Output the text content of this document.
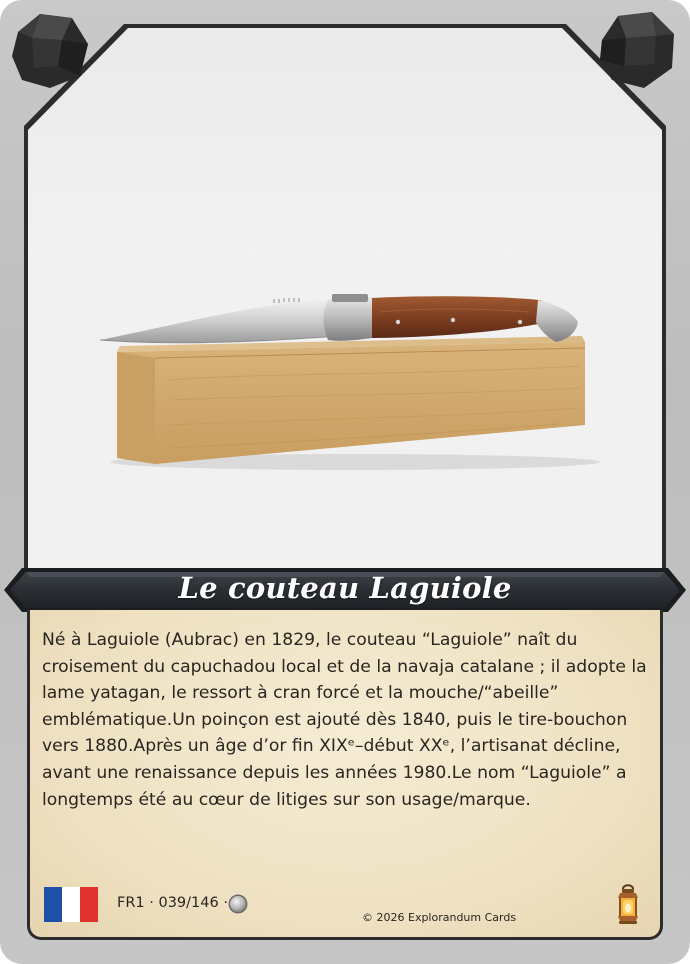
Le couteau Laguiole
Né à Laguiole (Aubrac) en 1829, le couteau “Laguiole” naît du croisement du capuchadou local et de la navaja catalane ; il adopte la lame yatagan, le ressort à cran forcé et la mouche/“abeille” emblématique.Un poinçon est ajouté dès 1840, puis le tire-bouchon vers 1880.Après un âge d’or fin XIXᵉ–début XXᵉ, l’artisanat décline, avant une renaissance depuis les années 1980.Le nom “Laguiole” a longtemps été au cœur de litiges sur son usage/marque.
FR1 · 039/146 ·
© 2026 Explorandum Cards
